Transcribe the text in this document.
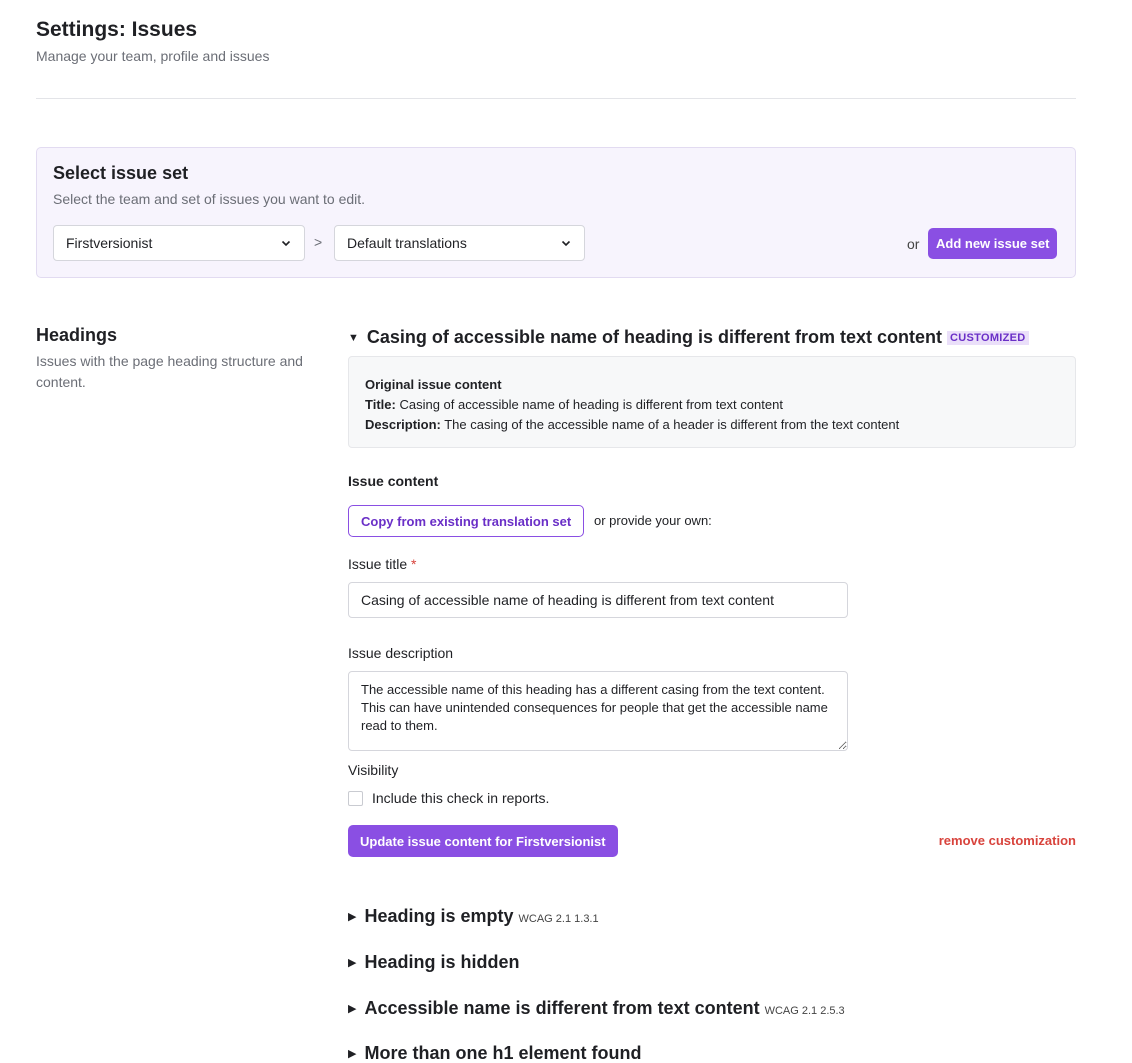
Settings: Issues
Manage your team, profile and issues
Select issue set
Select the team and set of issues you want to edit.
Firstversionist	> Default translations	or	Add new issue set
Headings
Issues with the page heading structure and content.
▼ Casing of accessible name of heading is different from text content CUSTOMIZED
Original issue content
Title: Casing of accessible name of heading is different from text content
Description: The casing of the accessible name of a header is different from the text content
Issue content
Copy from existing translation set	or provide your own:
Issue title *
Casing of accessible name of heading is different from text content
Issue description
The accessible name of this heading has a different casing from the text content. This can have unintended consequences for people that get the accessible name read to them.
Visibility
Include this check in reports.
Update issue content for Firstversionist	remove customization
▶ Heading is empty WCAG 2.1 1.3.1
▶ Heading is hidden
▶ Accessible name is different from text content WCAG 2.1 2.5.3
▶ More than one h1 element found
